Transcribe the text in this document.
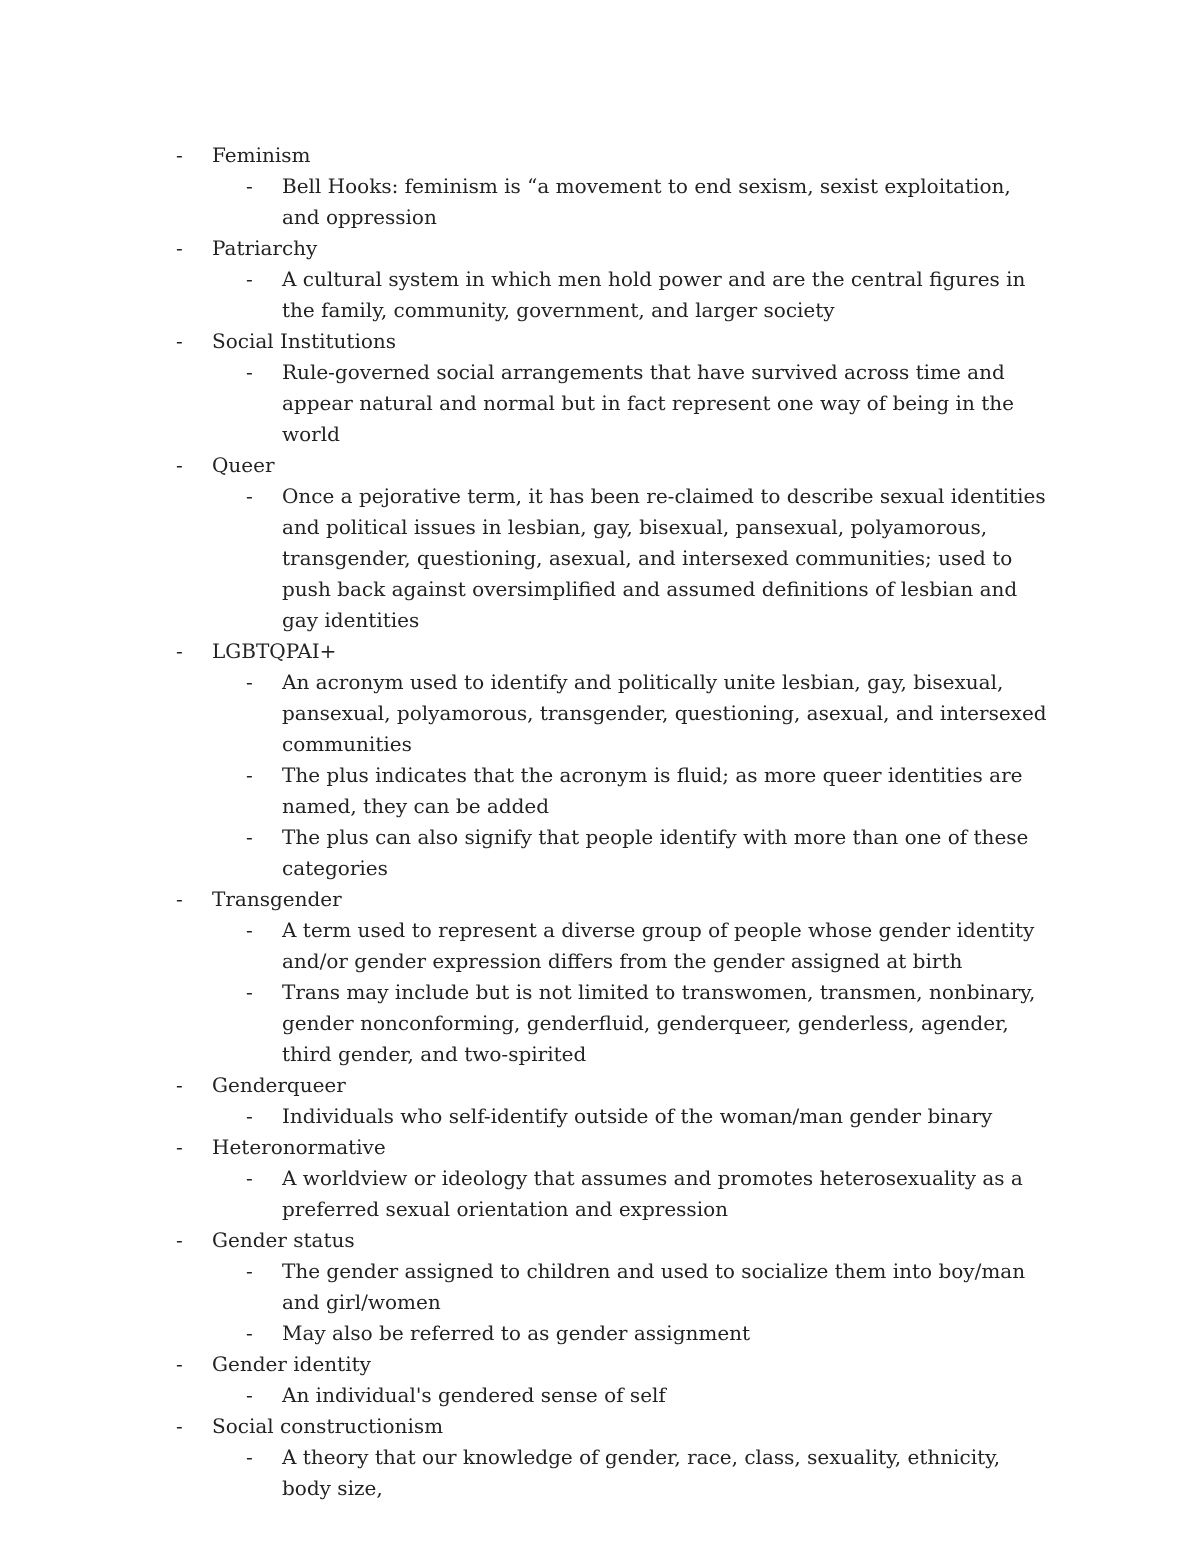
- Feminism
- Bell Hooks: feminism is “a movement to end sexism, sexist exploitation, and oppression
- Patriarchy
- A cultural system in which men hold power and are the central figures in the family, community, government, and larger society
- Social Institutions
- Rule-governed social arrangements that have survived across time and appear natural and normal but in fact represent one way of being in the world
- Queer
- Once a pejorative term, it has been re-claimed to describe sexual identities and political issues in lesbian, gay, bisexual, pansexual, polyamorous, transgender, questioning, asexual, and intersexed communities; used to push back against oversimplified and assumed definitions of lesbian and gay identities
- LGBTQPAI+
- An acronym used to identify and politically unite lesbian, gay, bisexual, pansexual, polyamorous, transgender, questioning, asexual, and intersexed communities
- The plus indicates that the acronym is fluid; as more queer identities are named, they can be added
- The plus can also signify that people identify with more than one of these categories
- Transgender
- A term used to represent a diverse group of people whose gender identity and/or gender expression differs from the gender assigned at birth
- Trans may include but is not limited to transwomen, transmen, nonbinary, gender nonconforming, genderfluid, genderqueer, genderless, agender, third gender, and two-spirited
- Genderqueer
- Individuals who self-identify outside of the woman/man gender binary
- Heteronormative
- A worldview or ideology that assumes and promotes heterosexuality as a preferred sexual orientation and expression
- Gender status
- The gender assigned to children and used to socialize them into boy/man and girl/women
- May also be referred to as gender assignment
- Gender identity
- An individual's gendered sense of self
- Social constructionism
- A theory that our knowledge of gender, race, class, sexuality, ethnicity, body size,
